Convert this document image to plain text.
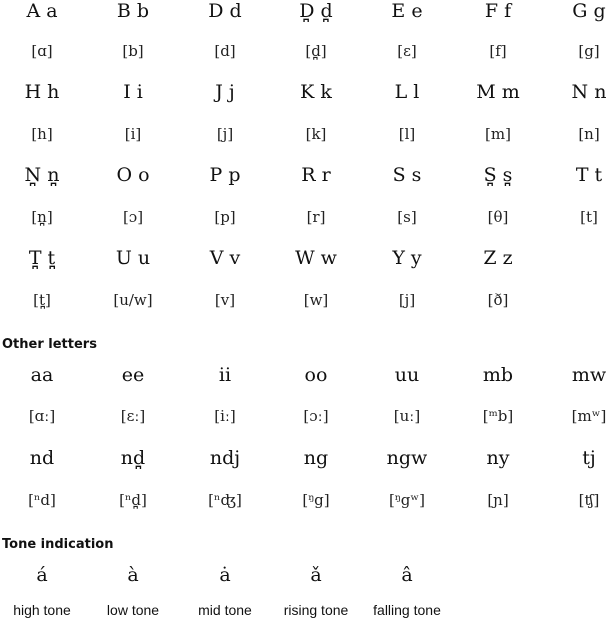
A a
[ɑ]
B b
[b]
D d
[d]
D̪ d̪
[d̪]
E e
[ɛ]
F f
[f]
G g
[g]
H h
[h]
I i
[i]
J j
[j]
K k
[k]
L l
[l]
M m
[m]
N n
[n]
N̪ n̪
[n̪]
O o
[ɔ]
P p
[p]
R r
[r]
S s
[s]
S̪ s̪
[θ]
T t
[t]
T̪ t̪
[t̪]
U u
[u/w]
V v
[v]
W w
[w]
Y y
[j]
Z z
[ð]
Other letters
aa
[ɑː]
ee
[ɛː]
ii
[iː]
oo
[ɔː]
uu
[uː]
mb
[ᵐb]
mw
[mʷ]
nd
[ⁿd]
nd̪
[ⁿd̪]
ndj
[ⁿʤ]
ng
[ᵑg]
ngw
[ᵑgʷ]
ny
[ɲ]
tj
[ʧ]
Tone indication
á
high tone
à
low tone
ȧ
mid tone
ǎ
rising tone
â
falling tone
